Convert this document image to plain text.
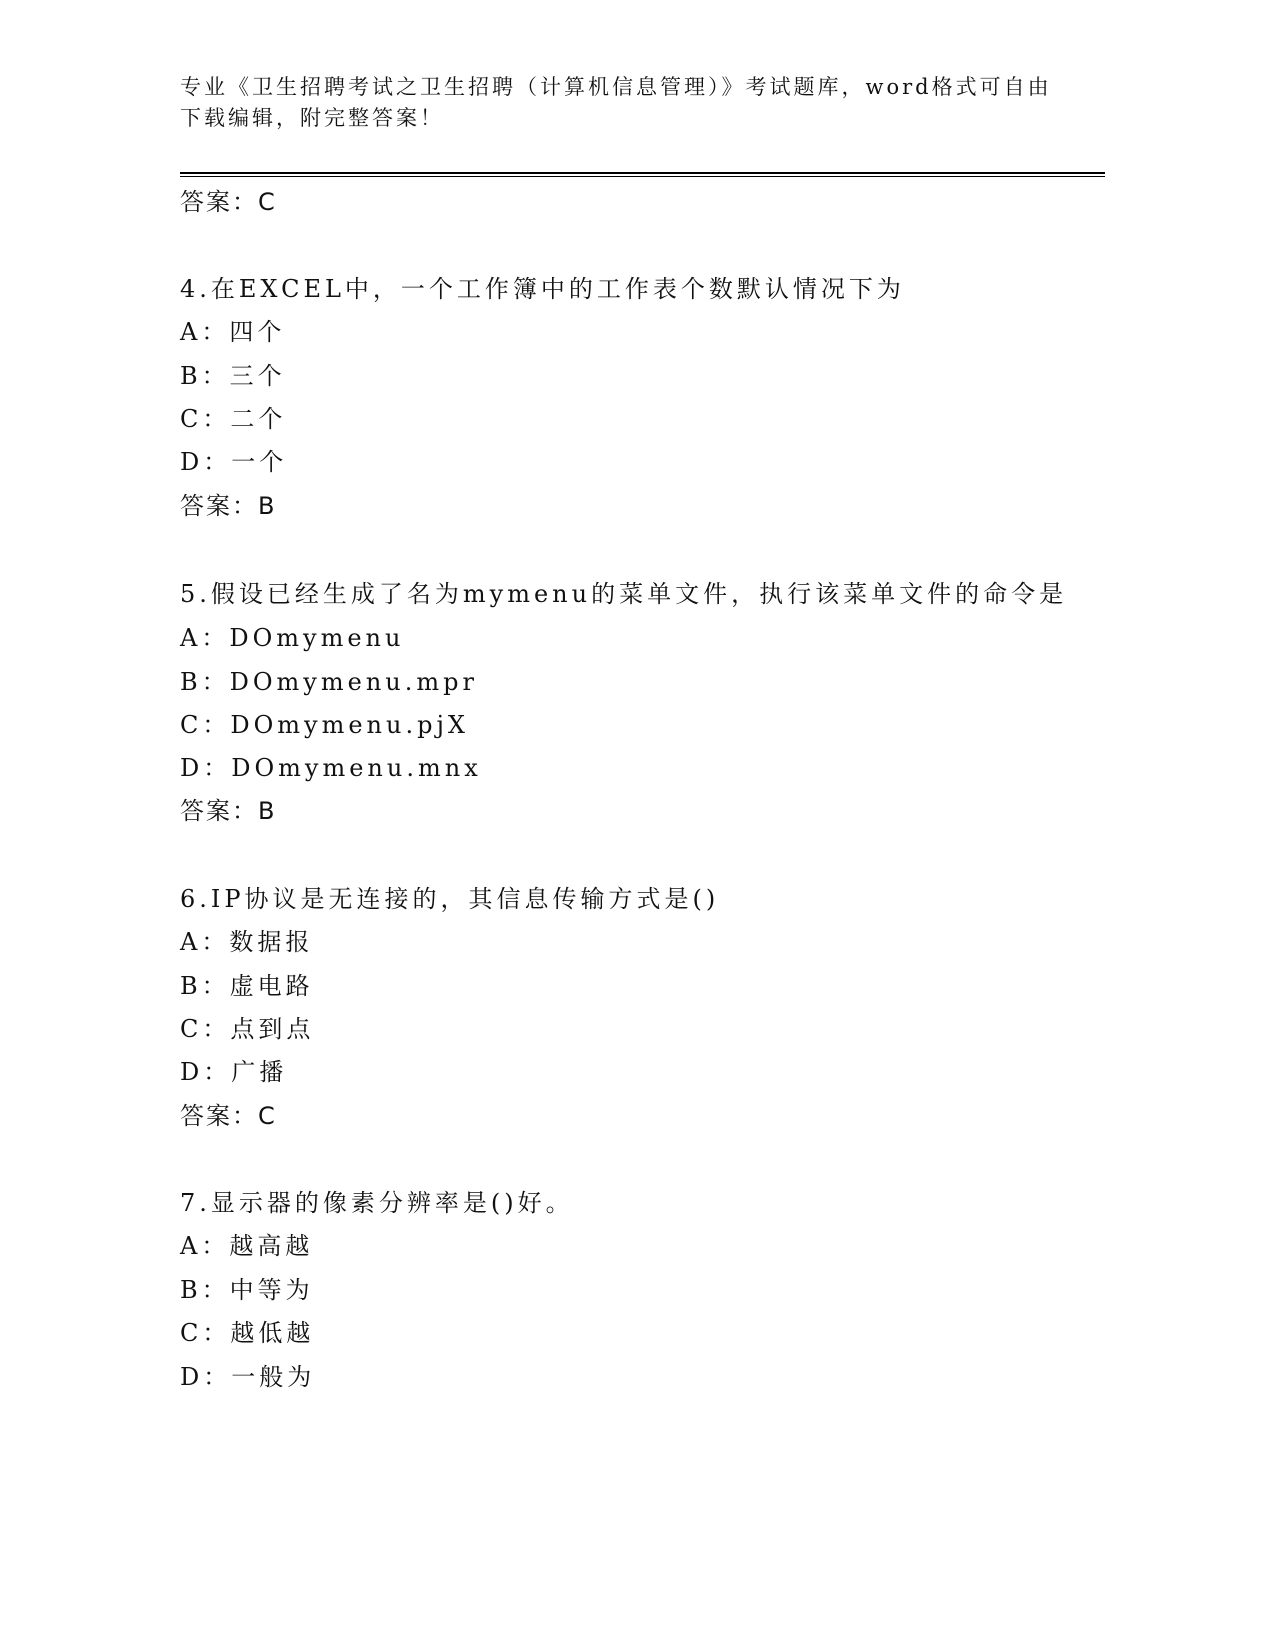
专业《卫生招聘考试之卫生招聘（计算机信息管理）》考试题库，word格式可自由下载编辑，附完整答案！
答案：C
4.在EXCEL中，一个工作簿中的工作表个数默认情况下为
A：四个
B：三个
C：二个
D：一个
答案：B
5.假设已经生成了名为mymenu的菜单文件，执行该菜单文件的命令是
A：DOmymenu
B：DOmymenu.mpr
C：DOmymenu.pjX
D：DOmymenu.mnx
答案：B
6.IP协议是无连接的，其信息传输方式是()
A：数据报
B：虚电路
C：点到点
D：广播
答案：C
7.显示器的像素分辨率是()好。
A：越高越
B：中等为
C：越低越
D：一般为
